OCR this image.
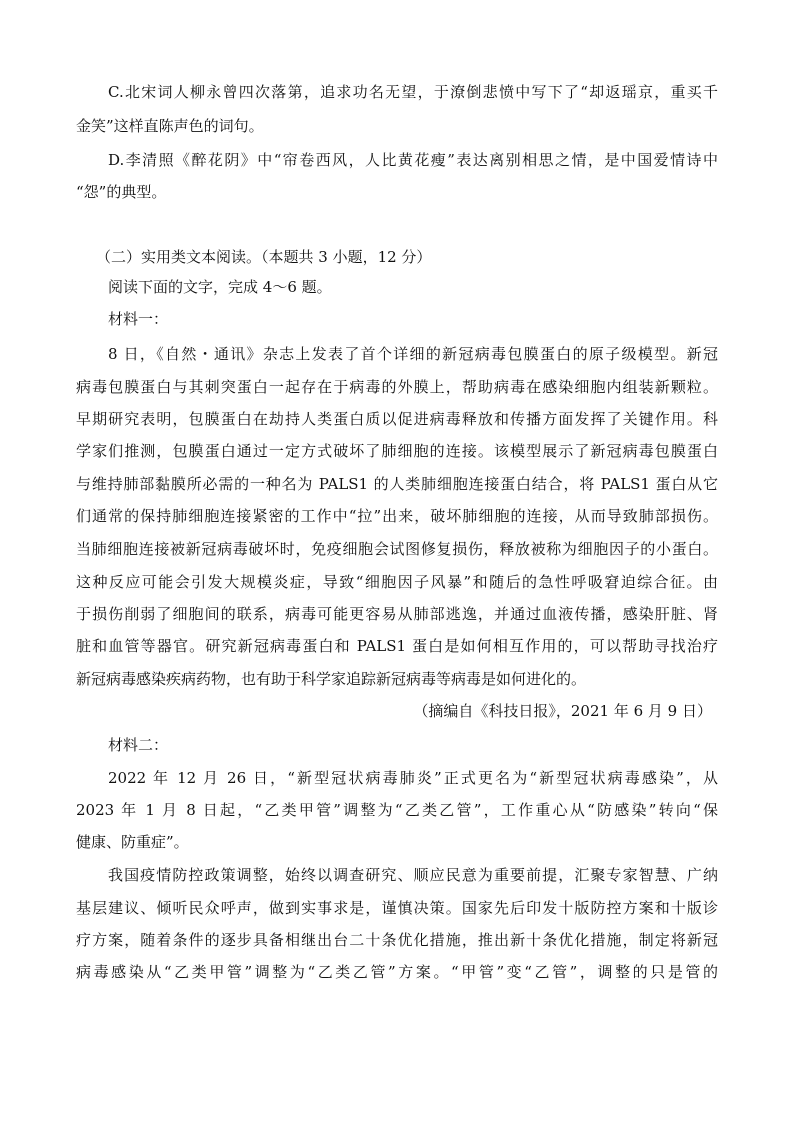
C.北宋词人柳永曾四次落第，追求功名无望，于潦倒悲愤中写下了“却返瑶京，重买千
金笑”这样直陈声色的词句。
D.李清照《醉花阴》中“帘卷西风，人比黄花瘦”表达离别相思之情，是中国爱情诗中
“怨”的典型。
（二）实用类文本阅读。（本题共 3 小题，12 分）
阅读下面的文字，完成 4～6 题。
材料一：
8 日，《自然・通讯》杂志上发表了首个详细的新冠病毒包膜蛋白的原子级模型。新冠
病毒包膜蛋白与其刺突蛋白一起存在于病毒的外膜上，帮助病毒在感染细胞内组装新颗粒。
早期研究表明，包膜蛋白在劫持人类蛋白质以促进病毒释放和传播方面发挥了关键作用。科
学家们推测，包膜蛋白通过一定方式破坏了肺细胞的连接。该模型展示了新冠病毒包膜蛋白
与维持肺部黏膜所必需的一种名为 PALS1 的人类肺细胞连接蛋白结合，将 PALS1 蛋白从它
们通常的保持肺细胞连接紧密的工作中“拉”出来，破坏肺细胞的连接，从而导致肺部损伤。
当肺细胞连接被新冠病毒破坏时，免疫细胞会试图修复损伤，释放被称为细胞因子的小蛋白。
这种反应可能会引发大规模炎症，导致“细胞因子风暴”和随后的急性呼吸窘迫综合征。由
于损伤削弱了细胞间的联系，病毒可能更容易从肺部逃逸，并通过血液传播，感染肝脏、肾
脏和血管等器官。研究新冠病毒蛋白和 PALS1 蛋白是如何相互作用的，可以帮助寻找治疗
新冠病毒感染疾病药物，也有助于科学家追踪新冠病毒等病毒是如何进化的。
（摘编自《科技日报》，2021 年 6 月 9 日）
材料二：
2022 年 12 月 26 日，“新型冠状病毒肺炎”正式更名为“新型冠状病毒感染”，从
2023 年 1 月 8 日起，“乙类甲管”调整为“乙类乙管”，工作重心从“防感染”转向“保
健康、防重症”。
我国疫情防控政策调整，始终以调查研究、顺应民意为重要前提，汇聚专家智慧、广纳
基层建议、倾听民众呼声，做到实事求是，谨慎决策。国家先后印发十版防控方案和十版诊
疗方案，随着条件的逐步具备相继出台二十条优化措施，推出新十条优化措施，制定将新冠
病毒感染从“乙类甲管”调整为“乙类乙管”方案。“甲管”变“乙管”，调整的只是管的
